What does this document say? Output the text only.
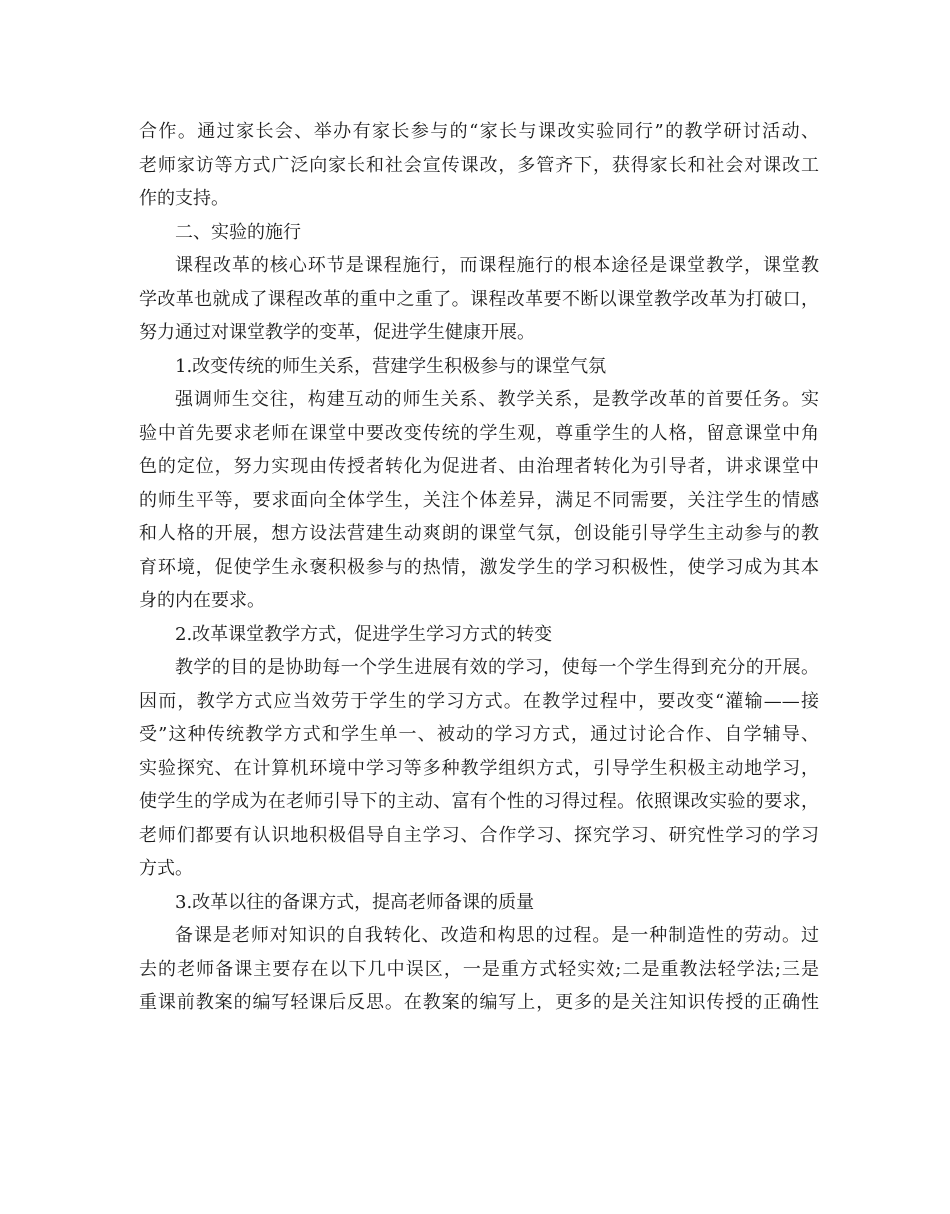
合作。通过家长会、举办有家长参与的“家长与课改实验同行”的教学研讨活动、

老师家访等方式广泛向家长和社会宣传课改，多管齐下，获得家长和社会对课改工

作的支持。

二、实验的施行

课程改革的核心环节是课程施行，而课程施行的根本途径是课堂教学，课堂教

学改革也就成了课程改革的重中之重了。课程改革要不断以课堂教学改革为打破口，

努力通过对课堂教学的变革，促进学生健康开展。

1.改变传统的师生关系，营建学生积极参与的课堂气氛

强调师生交往，构建互动的师生关系、教学关系，是教学改革的首要任务。实

验中首先要求老师在课堂中要改变传统的学生观，尊重学生的人格，留意课堂中角

色的定位，努力实现由传授者转化为促进者、由治理者转化为引导者，讲求课堂中

的师生平等，要求面向全体学生，关注个体差异，满足不同需要，关注学生的情感

和人格的开展，想方设法营建生动爽朗的课堂气氛，创设能引导学生主动参与的教

育环境，促使学生永褒积极参与的热情，激发学生的学习积极性，使学习成为其本

身的内在要求。

2.改革课堂教学方式，促进学生学习方式的转变

教学的目的是协助每一个学生进展有效的学习，使每一个学生得到充分的开展。

因而，教学方式应当效劳于学生的学习方式。在教学过程中，要改变“灌输——接

受”这种传统教学方式和学生单一、被动的学习方式，通过讨论合作、自学辅导、

实验探究、在计算机环境中学习等多种教学组织方式，引导学生积极主动地学习，

使学生的学成为在老师引导下的主动、富有个性的习得过程。依照课改实验的要求，

老师们都要有认识地积极倡导自主学习、合作学习、探究学习、研究性学习的学习

方式。

3.改革以往的备课方式，提高老师备课的质量

备课是老师对知识的自我转化、改造和构思的过程。是一种制造性的劳动。过

去的老师备课主要存在以下几中误区，一是重方式轻实效;二是重教法轻学法;三是

重课前教案的编写轻课后反思。在教案的编写上，更多的是关注知识传授的正确性
